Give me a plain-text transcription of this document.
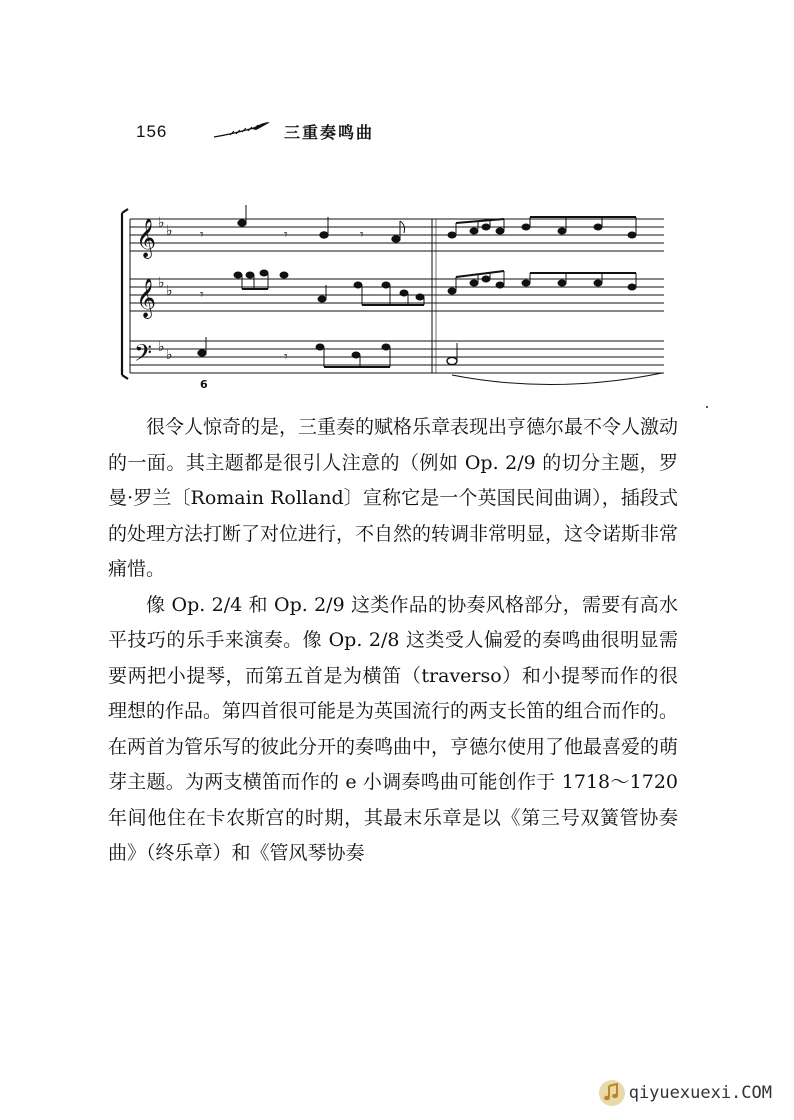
156	三重奏鸣曲
𝄞
𝄞
𝄢
♭ ♭
♭ ♭
♭ ♭
𝄾	𝄾	𝄾
𝄾
𝄾
6

很令人惊奇的是，三重奏的赋格乐章表现出亨德尔最不令人激动的一面。其主题都是很引人注意的（例如 Op. 2/9 的切分主题，罗曼·罗兰〔Romain Rolland〕宣称它是一个英国民间曲调），插段式的处理方法打断了对位进行，不自然的转调非常明显，这令诺斯非常痛惜。

像 Op. 2/4 和 Op. 2/9 这类作品的协奏风格部分，需要有高水平技巧的乐手来演奏。像 Op. 2/8 这类受人偏爱的奏鸣曲很明显需要两把小提琴，而第五首是为横笛（traverso）和小提琴而作的很理想的作品。第四首很可能是为英国流行的两支长笛的组合而作的。在两首为管乐写的彼此分开的奏鸣曲中，亨德尔使用了他最喜爱的萌芽主题。为两支横笛而作的 e 小调奏鸣曲可能创作于 1718～1720 年间他住在卡农斯宫的时期，其最末乐章是以《第三号双簧管协奏曲》（终乐章）和《管风琴协奏

qiyuexuexi.COM
